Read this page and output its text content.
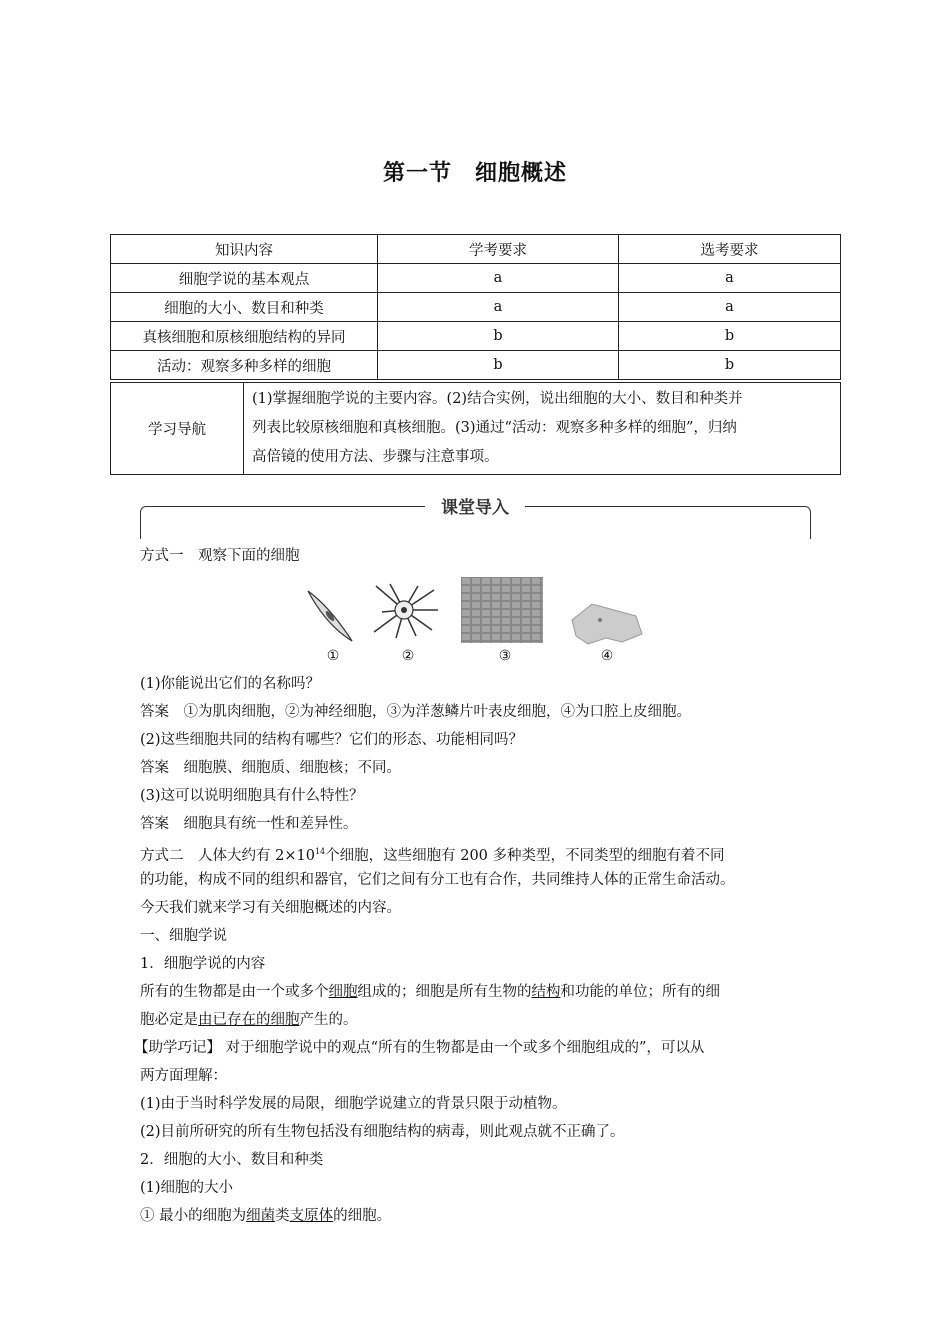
第一节　细胞概述
知识内容	学考要求	选考要求
细胞学说的基本观点	a	a
细胞的大小、数目和种类	a	a
真核细胞和原核细胞结构的异同	b	b
活动：观察多种多样的细胞	b	b
学习导航	
(1)掌握细胞学说的主要内容。(2)结合实例，说出细胞的大小、数目和种类并
列表比较原核细胞和真核细胞。(3)通过“活动：观察多种多样的细胞”，归纳
高倍镜的使用方法、步骤与注意事项。
课堂导入
方式一　观察下面的细胞
①	②	③	④
(1)你能说出它们的名称吗？
答案　①为肌肉细胞，②为神经细胞，③为洋葱鳞片叶表皮细胞，④为口腔上皮细胞。
(2)这些细胞共同的结构有哪些？它们的形态、功能相同吗？
答案　细胞膜、细胞质、细胞核；不同。
(3)这可以说明细胞具有什么特性？
答案　细胞具有统一性和差异性。
方式二　人体大约有 $2\times 10^{14}$个细胞，这些细胞有 200 多种类型，不同类型的细胞有着不同
的功能，构成不同的组织和器官，它们之间有分工也有合作，共同维持人体的正常生命活动。
今天我们就来学习有关细胞概述的内容。
一、细胞学说
1．细胞学说的内容
所有的生物都是由一个或多个细胞组成的；细胞是所有生物的结构和功能的单位；所有的细
胞必定是由已存在的细胞产生的。
【助学巧记】 对于细胞学说中的观点“所有的生物都是由一个或多个细胞组成的”，可以从
两方面理解：
(1)由于当时科学发展的局限，细胞学说建立的背景只限于动植物。
(2)目前所研究的所有生物包括没有细胞结构的病毒，则此观点就不正确了。
2．细胞的大小、数目和种类
(1)细胞的大小
① 最小的细胞为细菌类支原体的细胞。
